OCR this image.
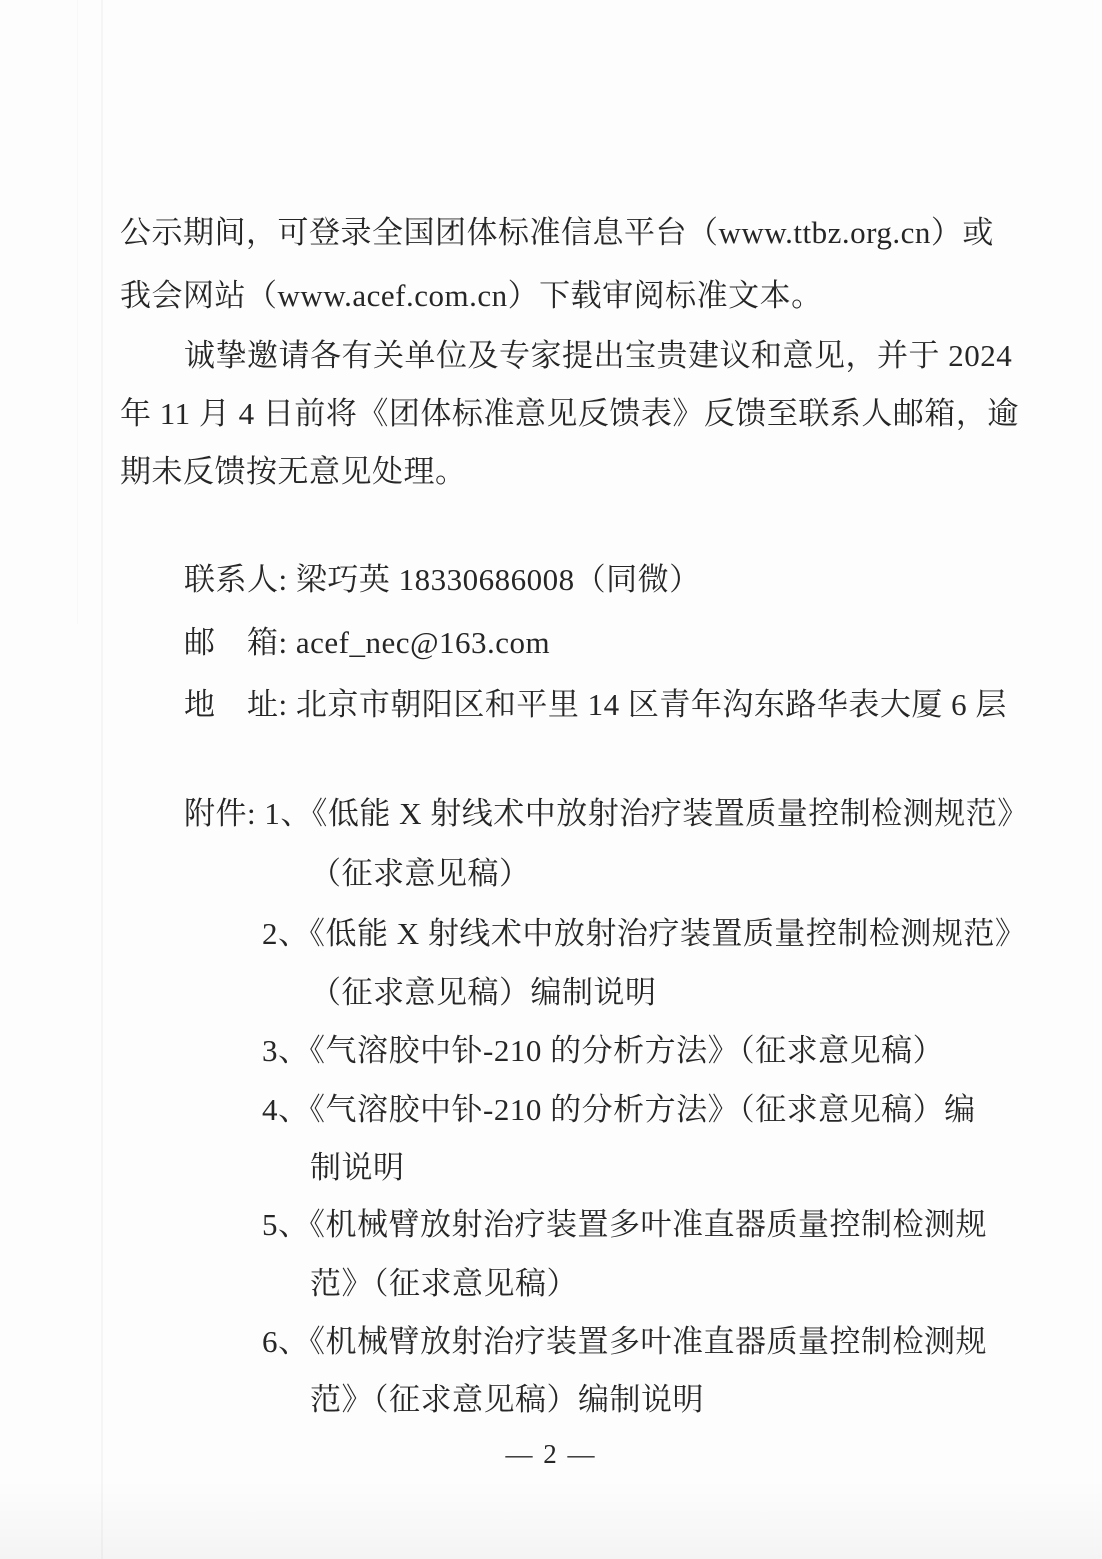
公示期间，可登录全国团体标准信息平台（www.ttbz.org.cn）或
我会网站（www.acef.com.cn）下载审阅标准文本。
诚挚邀请各有关单位及专家提出宝贵建议和意见，并于 2024
年 11 月 4 日前将《团体标准意见反馈表》反馈至联系人邮箱，逾
期未反馈按无意见处理。
联系人: 梁巧英 18330686008（同微）
邮　箱: acef_nec@163.com
地　址: 北京市朝阳区和平里 14 区青年沟东路华表大厦 6 层
附件: 1、《低能 X 射线术中放射治疗装置质量控制检测规范》
（征求意见稿）
2、《低能 X 射线术中放射治疗装置质量控制检测规范》
（征求意见稿）编制说明
3、《气溶胶中钋-210 的分析方法》（征求意见稿）
4、《气溶胶中钋-210 的分析方法》（征求意见稿）编
制说明
5、《机械臂放射治疗装置多叶准直器质量控制检测规
范》（征求意见稿）
6、《机械臂放射治疗装置多叶准直器质量控制检测规
范》（征求意见稿）编制说明
— 2 —
